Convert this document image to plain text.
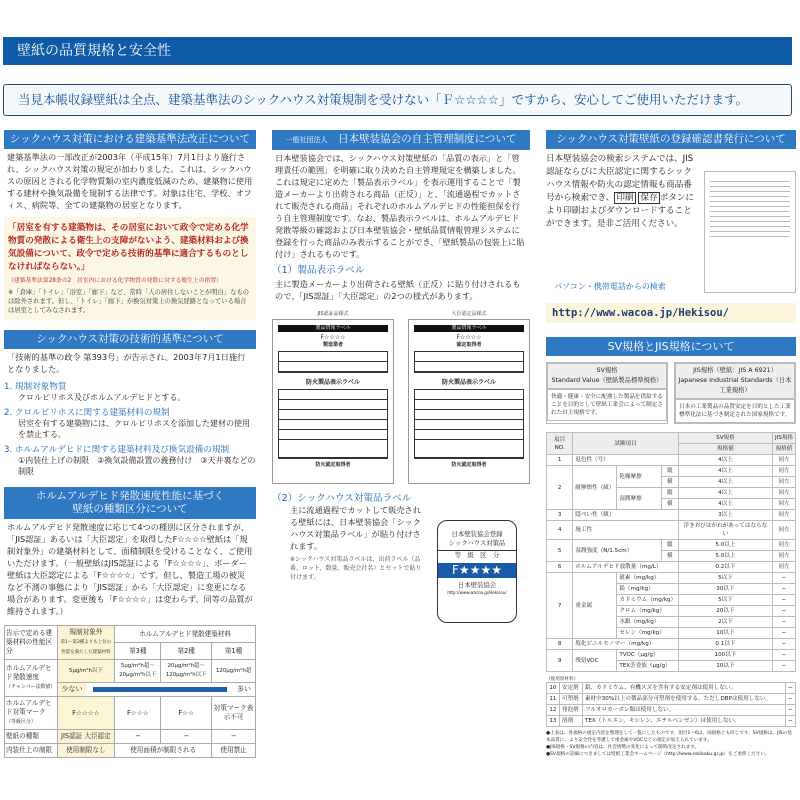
壁紙の品質規格と安全性
当見本帳収録壁紙は全点、建築基準法のシックハウス対策規制を受けない「Ｆ☆☆☆☆」ですから、安心してご使用いただけます。
シックハウス対策における建築基準法改正について
建築基準法の一部改正が2003年（平成15年）7月1日より施行され、シックハウス対策の規定が加わりました。これは、シックハウスの原因とされる化学物質類の室内濃度低減のため、建築物に使用する建材や換気設備を規制する法律です。対象は住宅、学校、オフィス、病院等、全ての建築物の居室となります。
「居室を有する建築物は、その居室において政令で定める化学物質の発散による衛生上の支障がないよう、建築材料および換気設備について、政令で定める技術的基準に適合するものとしなければならない。」
（建築基準法第28条の2　居室内における化学物質の発散に対する衛生上の措置）
※「倉庫」「トイレ」「浴室」「廊下」など、常時「人の居住しないことが明白」なものは除外されます。但し、「トイレ」「廊下」が換気対策上の換気経路となっている場合は居室としてみなされます。
シックハウス対策の技術的基準について
「技術的基準の政令 第393号」が告示され、2003年7月1日施行となりました。
1. 規制対象物質
クロルピリホス及びホルムアルデヒドとする。
2. クロルピリホスに関する建築材料の規制
居室を有する建築物には、クロルピリホスを添加した建材の使用を禁止する。
3. ホルムアルデヒドに関する建築材料及び換気設備の規制
①内装仕上げの制限　②換気設備設置の義務付け　③天井裏などの制限
ホルムアルデヒド発散速度性能に基づく
壁紙の種類区分について
ホルムアルデヒド発散速度に応じて4つの種別に区分されますが、「JIS認証」あるいは「大臣認定」を取得したF☆☆☆☆壁紙は「規制対象外」の建築材料として、面積制限を受けることなく、ご使用いただけます。（一般壁紙はJIS認証による「F☆☆☆☆」、ボーダー壁紙は大臣認定による「F☆☆☆☆」です。但し、製造工場の被災など不測の事態により「JIS認証」から「大臣認定」に変更になる場合があります。変更後も「F☆☆☆☆」は変わらず、同等の品質が維持されます。）
告示で定める建築材料の性能区分	規制対象外
第1〜第3種よりも上位の性能を満たした建築材料	ホルムアルデヒド発散建築材料		
		第3種	第2種	第1種
ホルムアルデヒド発散速度
（チャンバー法数値）	5μg/m²h以下	5μg/m²h超〜20μg/m²h以下	20μg/m²h超〜120μg/m²h以下	120μg/m²h超

	少ない 多い			

ホルムアルデヒド対策マーク（等級区分）	F☆☆☆☆	F☆☆☆	F☆☆	対策マーク表示不可
壁紙の種類	JIS認証 大臣認定	−	−	−
内装仕上の制限	使用制限なし	使用面積が制限される		使用禁止
一般社団法人　 日本壁装協会の自主管理制度について
日本壁装協会では、シックハウス対策壁紙の「品質の表示」と「管理責任の範囲」を明確に取り決めた自主管理規定を構築しました。これは規定に定めた「製品表示ラベル」を表示運用することで「製造メーカーより出荷される商品（正反）」と、「流通過程でカットされて販売される商品」それぞれのホルムアルデヒドの性能担保を行う自主管理制度です。なお、製品表示ラベルは、ホルムアルデヒド発散等級の確認および日本壁装協会・壁紙品質情報管理システムに登録を行った商品のみ表示することができ、「壁紙製品の包装上に貼付け」されるものです。
（1）製品表示ラベル
主に製造メーカーより出荷される壁紙（正反）に貼り付けされるもので、「JIS認証」「大臣認定」の2つの様式があります。
JIS認証品様式
製品情報ラベル
F☆☆☆☆
製造業者
防火製品表示ラベル
防火認定取得者
大臣認定品様式
製品情報ラベル
F☆☆☆☆
認定取得者
防火製品表示ラベル
防火認定取得者
（2）シックハウス対策品ラベル
主に流通過程でカットして販売される壁紙には、日本壁装協会「シックハウス対策品ラベル」が貼り付けされます。
※シックハウス対策品ラベルは、出荷ラベル（品番、ロット、数量、販売会社名）とセットで貼り付けます。
日本壁装協会登録
シックハウス対策品
等　級　区　分
F★★★★
日本壁装協会
http://www.wacoa.jp/Hekisou/
シックハウス対策壁紙の登録確認書発行について
日本壁装協会の検索システムでは、JIS認証ならびに大臣認定に関するシックハウス情報や防火の認定情報も商品番号から検索でき、 印刷 保存 ボタンにより印刷およびダウンロードすることができます。是非ご活用ください。
パソコン・携帯電話からの検索
http://www.wacoa.jp/Hekisou/
SV規格とJIS規格について
SV規格
Standard Value（壁紙製品標準規格）
快適・健康・安全に配慮した製品を供給することを目的として壁紙工業会によって制定された自主規格です。
JIS規格（壁紙：JIS A 6921）
Japanese Industrial Standards（日本工業規格）
日本の工業製品の品質安定を目的とした工業標準化法に基づき制定された国家規格です。
項目NO.	試験項目			SV規格	JIS規格
				規格値	規格値
1	退色性（号）			4以上	同左
2	耐摩擦性（級）	乾燥摩擦	縦	4以上	同左
			横	4以上	同左
		湿潤摩擦	縦	4以上	同左
			横	4以上	同左
3	隠ぺい性（級）			3以上	同左
4	施工性			浮きおびはがれがあってはならない	同左
5	湿潤強度（N/1.5cm）		縦	5.0以上	同左
			横	5.0以上	同左
6	ホルムアルデヒド放散量（mg/L）			0.2以下	同左
7	重金属	砒素（mg/kg）		5以下	−
		鉛（mg/kg）		30以下	−
		カドミウム（mg/kg）		5以下	−
		クロム（mg/kg）		20以下	−
		水銀（mg/kg）		2以下	−
		セレン（mg/kg）		10以下	−
8	塩化ビニルモノマー（mg/kg）			0.1以下	−
9	残留VOC	TVOC（μg/g）		100以下	−
		TEX芳香族（μg/g）		10以下	−
（使用原材料）
10	安定剤	鉛、カドミウム、有機スズを含有する安定剤は使用しない。	−
11	可塑剤	素材中30%以上の製品部分可塑剤を使用する。ただしDBPは使用しない。	−
12	発泡剤	フルオロカーボン類は使用しない。	−
13	溶剤	TEX（トルエン、キシレン、エチルベンゼン）は使用しない。	−
●上表は、各規格の規定内容を整理をして一覧にしたものです。項目1〜6は、両規格とも同じです。SV規格は、JISの基本品質に、より安全性を考慮して重金属やVOCなどの規定が加えられています。
●JIS規格・SV規格の内容は、社会情勢の変化によって随時改定されます。
●SV規格の詳細につきましては壁紙工業会ホームページ（http://www.sskikaku.gr.jp）をご参照ください。
